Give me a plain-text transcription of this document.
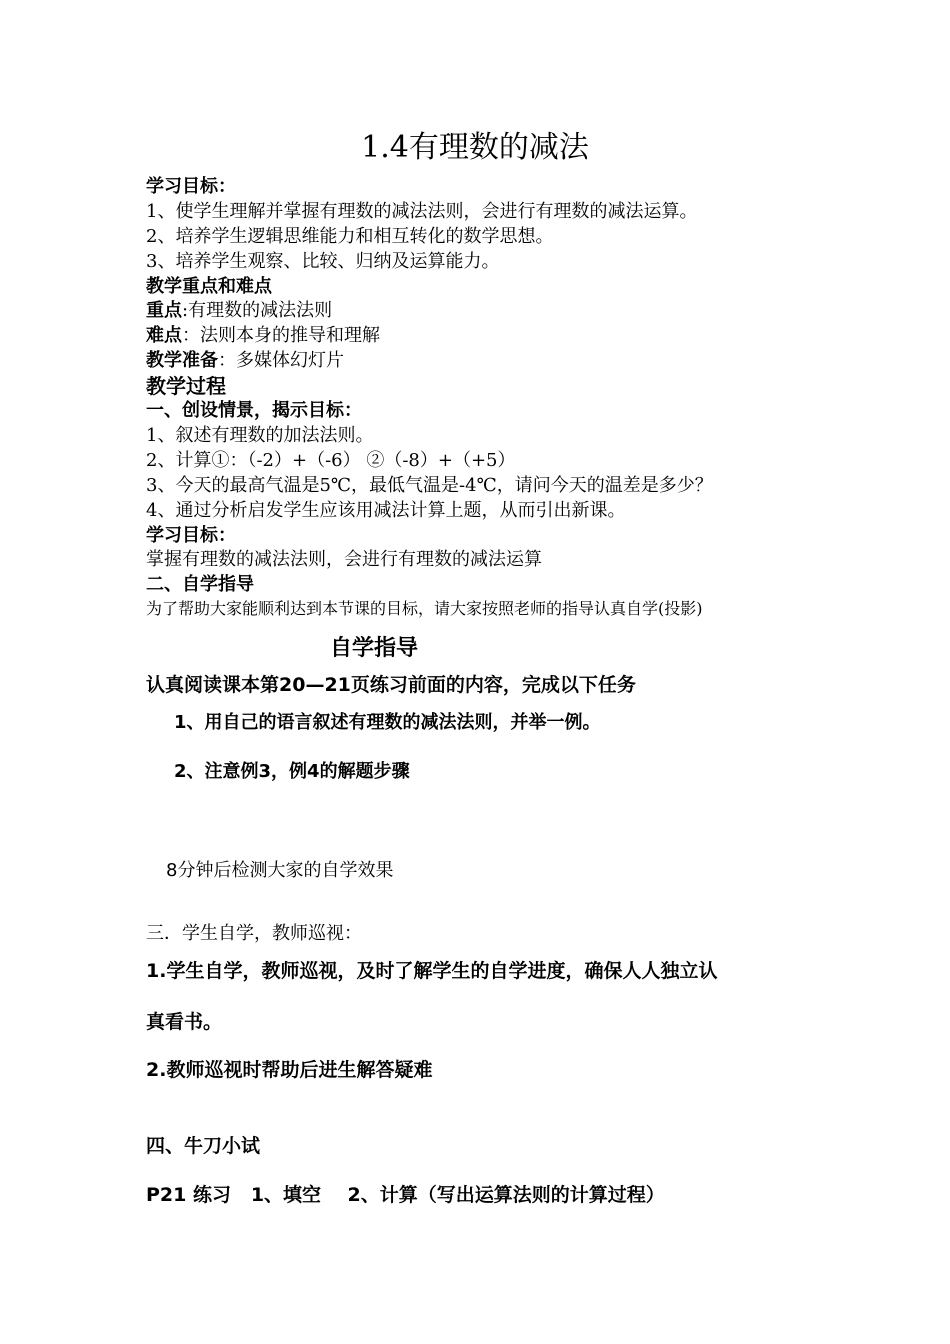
1.4有理数的减法
学习目标：
1、使学生理解并掌握有理数的减法法则，会进行有理数的减法运算。
2、培养学生逻辑思维能力和相互转化的数学思想。
3、培养学生观察、比较、归纳及运算能力。
教学重点和难点
重点:有理数的减法法则
难点：法则本身的推导和理解
教学准备：多媒体幻灯片
教学过程
一、创设情景，揭示目标：
1、叙述有理数的加法法则。
2、计算①：（-2）+（-6） ②（-8）+（+5）
3、今天的最高气温是5℃，最低气温是-4℃，请问今天的温差是多少？
4、通过分析启发学生应该用减法计算上题，从而引出新课。
学习目标：
掌握有理数的减法法则，会进行有理数的减法运算
二、自学指导
为了帮助大家能顺利达到本节课的目标，请大家按照老师的指导认真自学(投影)
自学指导
认真阅读课本第20—21页练习前面的内容，完成以下任务
1、用自己的语言叙述有理数的减法法则，并举一例。
2、注意例3，例4的解题步骤
8分钟后检测大家的自学效果
三．学生自学，教师巡视：
1.学生自学，教师巡视，及时了解学生的自学进度，确保人人独立认
真看书。
2.教师巡视时帮助后进生解答疑难
四、牛刀小试
P21 练习   1、填空    2、计算（写出运算法则的计算过程）
